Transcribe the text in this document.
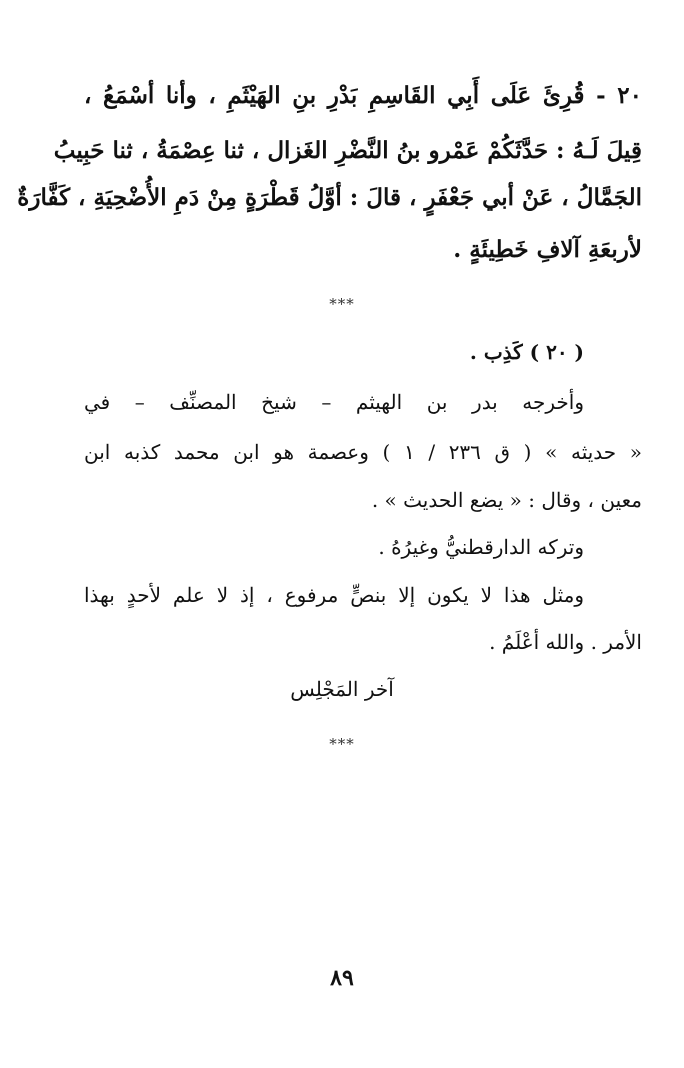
٢٠ - قُرِئَ عَلَى أَبِي القَاسِمِ بَدْرِ بنِ الهَيْثَمِ ، وأنا أسْمَعُ ،
قِيلَ لَـهُ : حَدَّثَكُمْ عَمْرو بنُ النَّضْرِ الغَزال ، ثنا عِصْمَةُ ، ثنا حَبِيبُ
الجَمَّالُ ، عَنْ أبي جَعْفَرٍ ، قالَ : أوَّلُ قَطْرَةٍ مِنْ دَمِ الأُضْحِيَةِ ، كَفَّارَةٌ
لأربعَةِ آلافِ خَطِيئَةٍ .
***
( ٢٠ ) كَذِب .
وأخرجه بدر بن الهيثم – شيخ المصنِّف – في
« حديثه » ( ق ٢٣٦ / ١ ) وعصمة هو ابن محمد كذبه ابن
معين ، وقال : « يضع الحديث » .
وتركه الدارقطنيُّ وغيرُهُ .
ومثل هذا لا يكون إلا بنصٍّ مرفوع ، إذ لا علم لأحدٍ بهذا
الأمر . والله أعْلَمُ .
آخر المَجْلِس
***
٨٩
